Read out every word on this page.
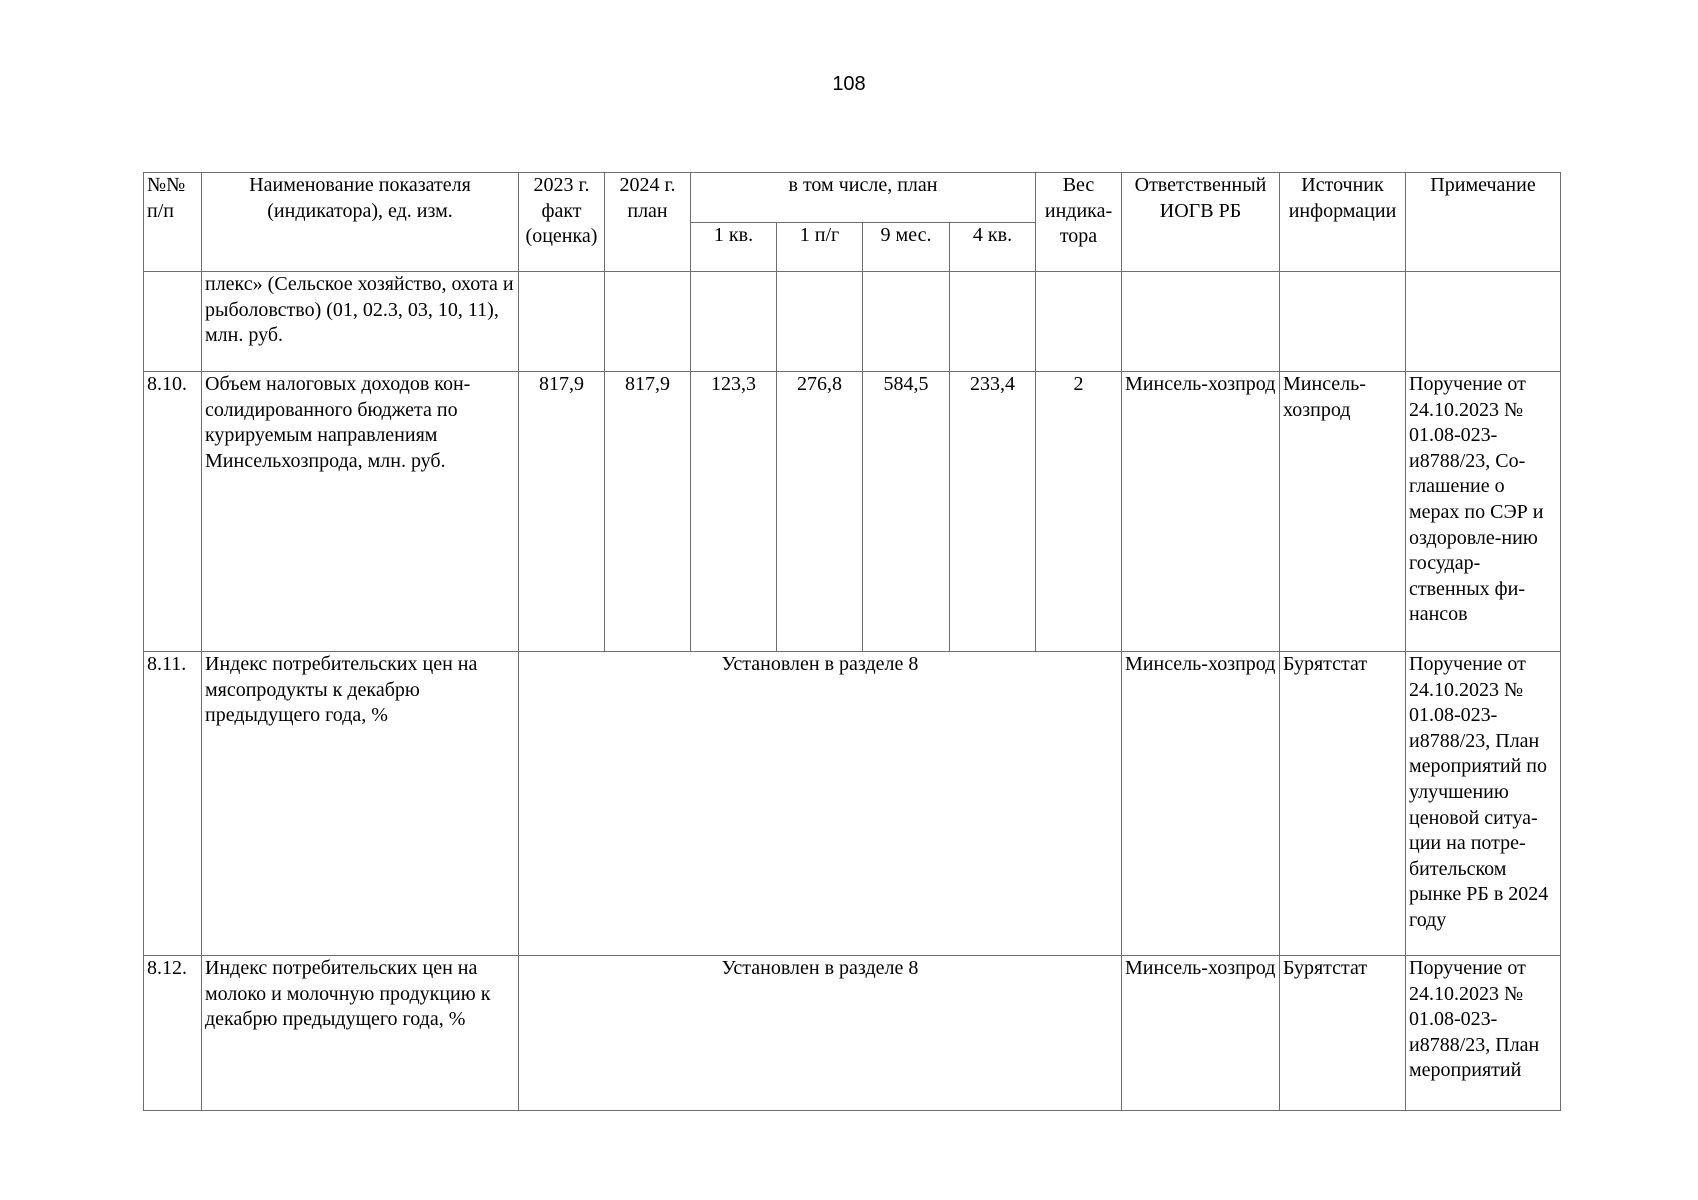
108
№№ п/п	Наименование показателя (индикатора), ед. изм.	2023 г. факт (оценка)	2024 г. план	в том числе, план				Вес индика-тора	Ответственный ИОГВ РБ	Источник информации	Примечание
				1 кв.	1 п/г	9 мес.	4 кв.				
	плекс» (Сельское хозяйство, охота и рыболовство) (01, 02.3, 03, 10, 11), млн. руб.										
8.10.	Объем налоговых доходов кон-солидированного бюджета по курируемым направлениям Минсельхозпрода, млн. руб.	817,9	817,9	123,3	276,8	584,5	233,4	2	Минсель-хозпрод	Минсель-хозпрод	Поручение от 24.10.2023 № 01.08-023-и8788/23, Со-глашение о мерах по СЭР и оздоровле-нию государ-ственных фи-нансов
8.11.	Индекс потребительских цен на мясопродукты к декабрю предыдущего года, %	Установлен в разделе 8							Минсель-хозпрод	Бурятстат	Поручение от 24.10.2023 № 01.08-023-и8788/23, План мероприятий по улучшению ценовой ситуа-ции на потре-бительском рынке РБ в 2024 году
8.12.	Индекс потребительских цен на молоко и молочную продукцию к декабрю предыдущего года, %	Установлен в разделе 8							Минсель-хозпрод	Бурятстат	Поручение от 24.10.2023 № 01.08-023-и8788/23, План мероприятий
